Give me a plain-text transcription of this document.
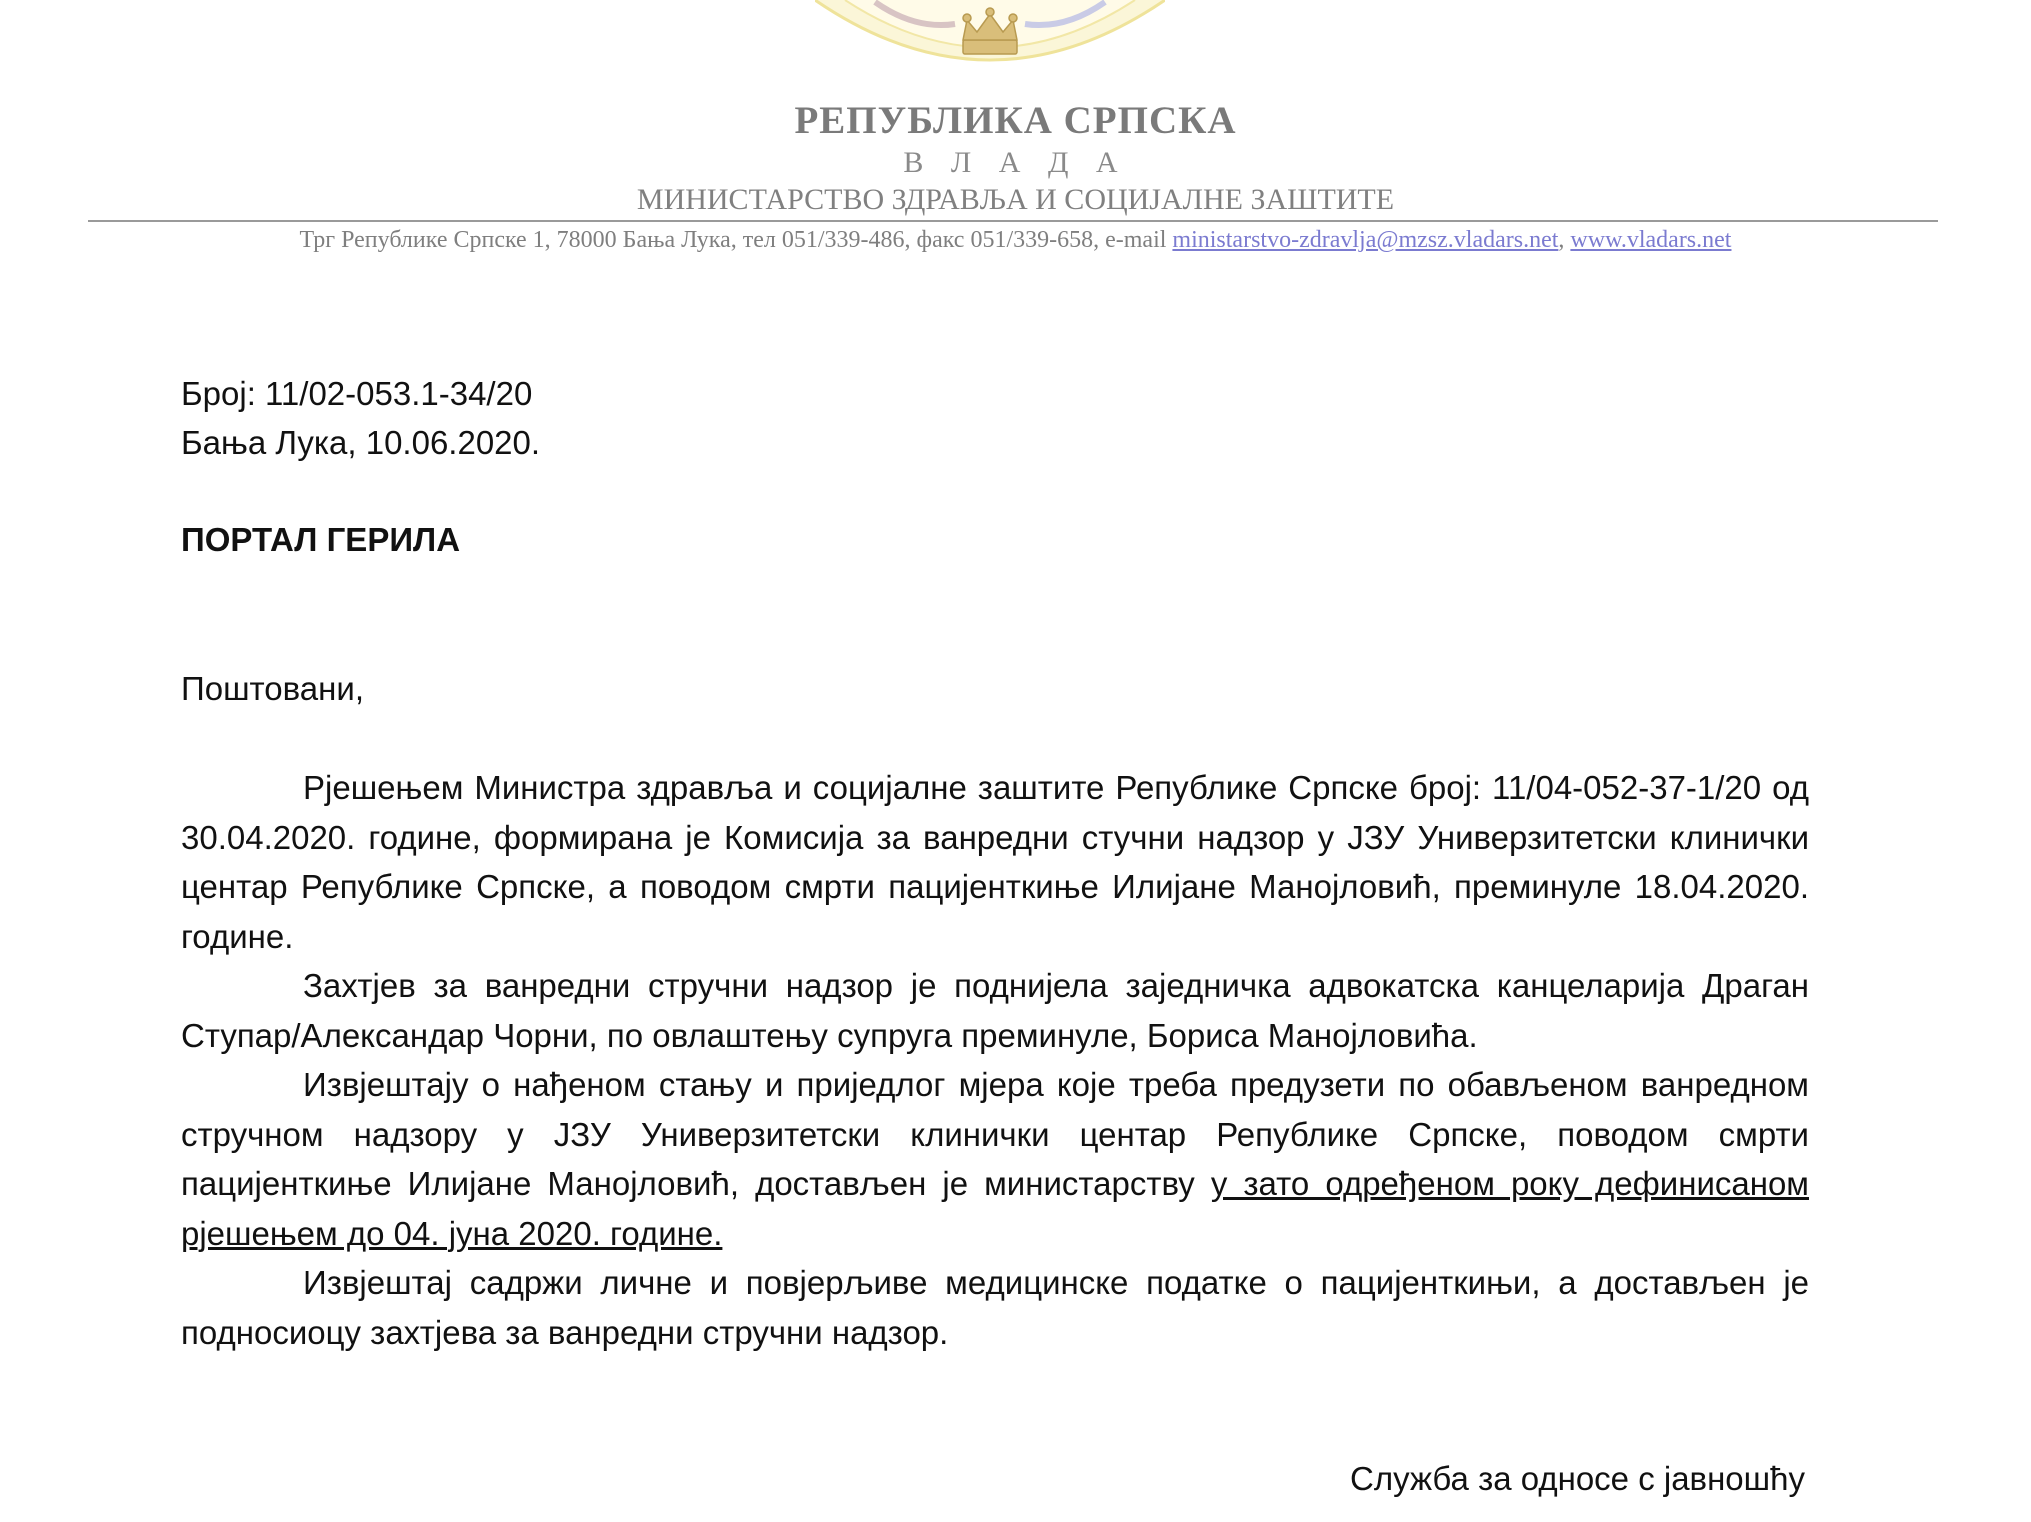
РЕПУБЛИКА СРПСКА
В Л А Д А
МИНИСТАРСТВО ЗДРАВЉА И СОЦИЈАЛНЕ ЗАШТИТЕ
Трг Републике Српске 1, 78000 Бања Лука, тел 051/339-486, факс 051/339-658, e-mail ministarstvo-zdravlja@mzsz.vladars.net, www.vladars.net
Број: 11/02-053.1-34/20
Бања Лука, 10.06.2020.
ПОРТАЛ ГЕРИЛА
Поштовани,

Рјешењем Министра здравља и социјалне заштите Републике Српске број: 11/04-052-37-1/20 од 30.04.2020. године, формирана је Комисија за ванредни стучни надзор у ЈЗУ Универзитетски клинички центар Републике Српске, а поводом смрти пацијенткиње Илијане Манојловић, преминуле 18.04.2020. године.

Захтјев за ванредни стручни надзор је поднијела заједничка адвокатска канцеларија Драган Ступар/Александар Чорни, по овлаштењу супруга преминуле, Бориса Манојловића.

Извјештају о нађеном стању и приједлог мјера које треба предузети по обављеном ванредном стручном надзору у ЈЗУ Универзитетски клинички центар Републике Српске, поводом смрти пацијенткиње Илијане Манојловић, достављен је министарству у зато одређеном року дефинисаном рјешењем до 04. јуна 2020. године.

Извјештај садржи личне и повјерљиве медицинске податке о пацијенткињи, а достављен је подносиоцу захтјева за ванредни стручни надзор.

Служба за односе с јавношћу
